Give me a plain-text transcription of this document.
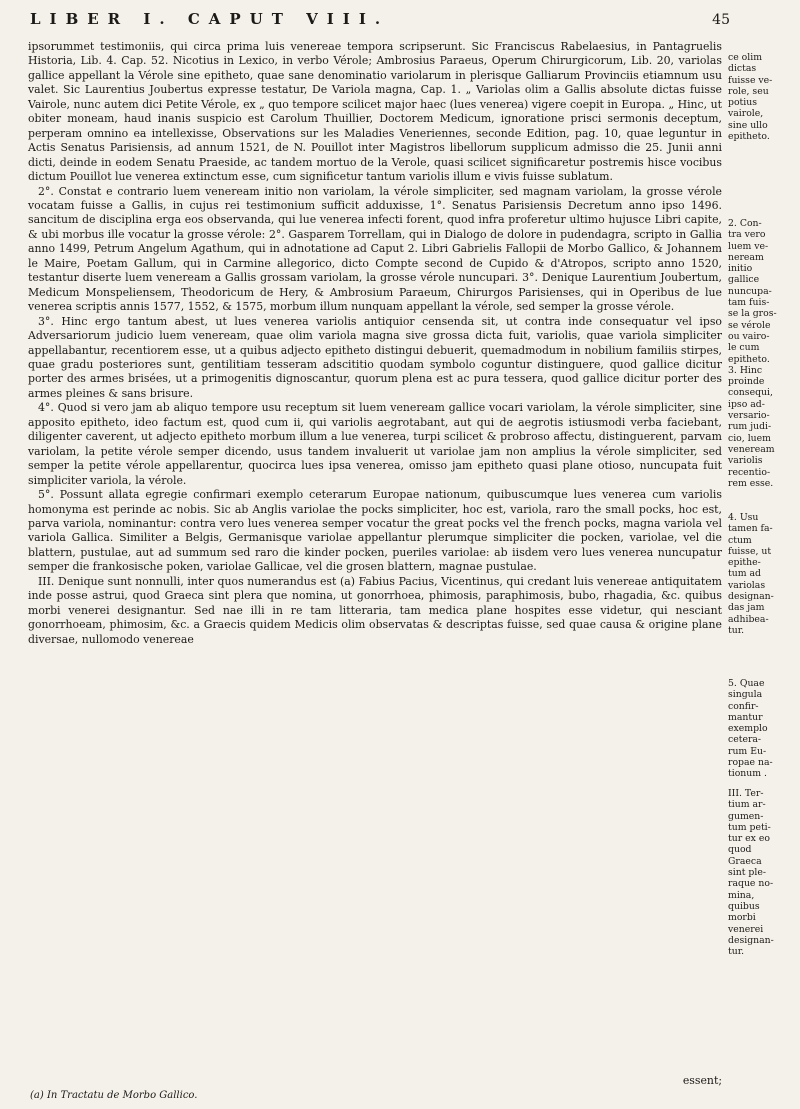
LIBER I. CAPUT VIII.	45

ipsorummet testimoniis, qui circa prima luis venereae tempora scripserunt. Sic Franciscus Rabelaesius, in Pantagruelis Historia, Lib. 4. Cap. 52. Nicotius in Lexico, in verbo Vérole; Ambrosius Paraeus, Operum Chirurgicorum, Lib. 20, variolas gallice appellant la Vérole sine epitheto, quae sane denominatio variolarum in plerisque Galliarum Provinciis etiamnum usu valet. Sic Laurentius Joubertus expresse testatur, De Variola magna, Cap. 1. „ Variolas olim a Gallis absolute dictas fuisse Vairole, nunc autem dici Petite Vérole, ex „ quo tempore scilicet major haec (lues venerea) vigere coepit in Europa. „ Hinc, ut obiter moneam, haud inanis suspicio est Carolum Thuillier, Doctorem Medicum, ignoratione prisci sermonis deceptum, perperam omnino ea intellexisse, Observations sur les Maladies Veneriennes, seconde Edition, pag. 10, quae leguntur in Actis Senatus Parisiensis, ad annum 1521, de N. Pouillot inter Magistros libellorum supplicum admisso die 25. Junii anni dicti, deinde in eodem Senatu Praeside, ac tandem mortuo de la Verole, quasi scilicet significaretur postremis hisce vocibus dictum Pouillot lue venerea extinctum esse, cum significetur tantum variolis illum e vivis fuisse sublatum.

2°. Constat e contrario luem veneream initio non variolam, la vérole simpliciter, sed magnam variolam, la grosse vérole vocatam fuisse a Gallis, in cujus rei testimonium sufficit adduxisse, 1°. Senatus Parisiensis Decretum anno ipso 1496. sancitum de disciplina erga eos observanda, qui lue venerea infecti forent, quod infra proferetur ultimo hujusce Libri capite, & ubi morbus ille vocatur la grosse vérole: 2°. Gasparem Torrellam, qui in Dialogo de dolore in pudendagra, scripto in Gallia anno 1499, Petrum Angelum Agathum, qui in adnotatione ad Caput 2. Libri Gabrielis Fallopii de Morbo Gallico, & Johannem le Maire, Poetam Gallum, qui in Carmine allegorico, dicto Compte second de Cupido & d'Atropos, scripto anno 1520, testantur diserte luem veneream a Gallis grossam variolam, la grosse vérole nuncupari. 3°. Denique Laurentium Joubertum, Medicum Monspeliensem, Theodoricum de Hery, & Ambrosium Paraeum, Chirurgos Parisienses, qui in Operibus de lue venerea scriptis annis 1577, 1552, & 1575, morbum illum nunquam appellant la vérole, sed semper la grosse vérole.

3°. Hinc ergo tantum abest, ut lues venerea variolis antiquior censenda sit, ut contra inde consequatur vel ipso Adversariorum judicio luem veneream, quae olim variola magna sive grossa dicta fuit, variolis, quae variola simpliciter appellabantur, recentiorem esse, ut a quibus adjecto epitheto distingui debuerit, quemadmodum in nobilium familiis stirpes, quae gradu posteriores sunt, gentilitiam tesseram adscititio quodam symbolo coguntur distinguere, quod gallice dicitur porter des armes brisées, ut a primogenitis dignoscantur, quorum plena est ac pura tessera, quod gallice dicitur porter des armes pleines & sans brisure.

4°. Quod si vero jam ab aliquo tempore usu receptum sit luem veneream gallice vocari variolam, la vérole simpliciter, sine apposito epitheto, ideo factum est, quod cum ii, qui variolis aegrotabant, aut qui de aegrotis istiusmodi verba faciebant, diligenter caverent, ut adjecto epitheto morbum illum a lue venerea, turpi scilicet & probroso affectu, distinguerent, parvam variolam, la petite vérole semper dicendo, usus tandem invaluerit ut variolae jam non amplius la vérole simpliciter, sed semper la petite vérole appellarentur, quocirca lues ipsa venerea, omisso jam epitheto quasi plane otioso, nuncupata fuit simpliciter variola, la vérole.

5°. Possunt allata egregie confirmari exemplo ceterarum Europae nationum, quibuscumque lues venerea cum variolis homonyma est perinde ac nobis. Sic ab Anglis variolae the pocks simpliciter, hoc est, variola, raro the small pocks, hoc est, parva variola, nominantur: contra vero lues venerea semper vocatur the great pocks vel the french pocks, magna variola vel variola Gallica. Similiter a Belgis, Germanisque variolae appellantur plerumque simpliciter die pocken, variolae, vel die blattern, pustulae, aut ad summum sed raro die kinder pocken, pueriles variolae: ab iisdem vero lues venerea nuncupatur semper die frankosische poken, variolae Gallicae, vel die grosen blattern, magnae pustulae.

III. Denique sunt nonnulli, inter quos numerandus est (a) Fabius Pacius, Vicentinus, qui credant luis venereae antiquitatem inde posse astrui, quod Graeca sint plera que nomina, ut gonorrhoea, phimosis, paraphimosis, bubo, rhagadia, &c. quibus morbi venerei designantur. Sed nae illi in re tam litteraria, tam medica plane hospites esse videtur, qui nesciant gonorrhoeam, phimosim, &c. a Graecis quidem Medicis olim observatas & descriptas fuisse, sed quae causa & origine plane diversae, nullomodo venereae

ce olim
dictas
fuisse ve-
role, seu
potius
vairole,
sine ullo
epitheto.
2. Con-
tra vero
luem ve-
neream
initio
gallice
nuncupa-
tam fuis-
se la gros-
se vérole
ou vairo-
le cum
epitheto.
3. Hinc
proinde
consequi,
ipso ad-
versario-
rum judi-
cio, luem
veneream
variolis
recentio-
rem esse.
4. Usu
tamen fa-
ctum
fuisse, ut
epithe-
tum ad
variolas
designan-
das jam
adhibea-
tur.
5. Quae
singula
confir-
mantur
exemplo
cetera-
rum Eu-
ropae na-
tionum .
III. Ter-
tium ar-
gumen-
tum peti-
tur ex eo
quod
Graeca
sint ple-
raque no-
mina,
quibus
morbi
venerei
designan-
tur.
essent;
(a) In Tractatu de Morbo Gallico.
